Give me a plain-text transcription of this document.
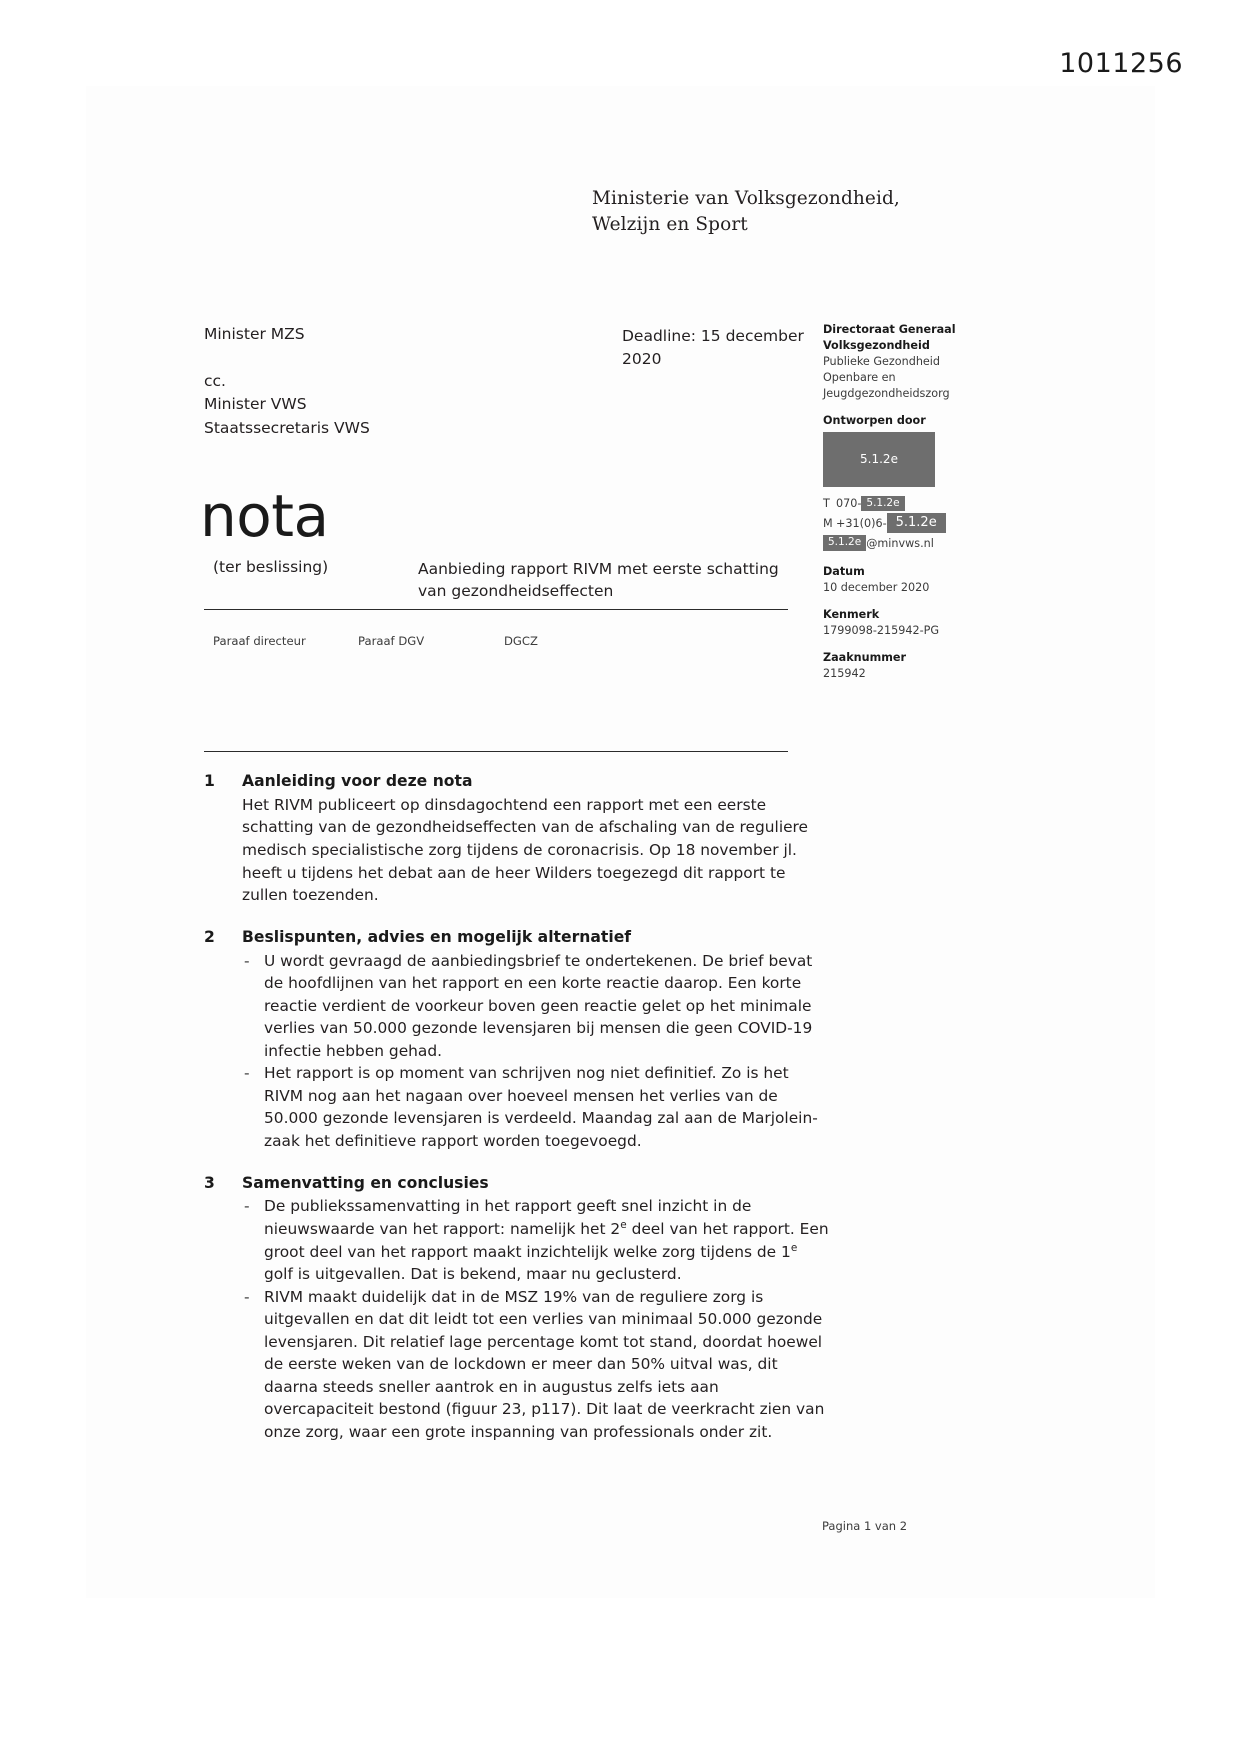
1011256
Ministerie van Volksgezondheid,
Welzijn en Sport
Minister MZS
cc.
Minister VWS
Staatssecretaris VWS
Deadline: 15 december 2020
Directoraat Generaal
Volksgezondheid
Publieke Gezondheid
Openbare en
Jeugdgezondheidszorg
Ontworpen door
5.1.2e
T 070- 5.1.2e
M +31(0)6- 5.1.2e
5.1.2e @minvws.nl
Datum
10 december 2020
Kenmerk
1799098-215942-PG
Zaaknummer
215942
nota
(ter beslissing)	Aanbieding rapport RIVM met eerste schatting van gezondheidseffecten
Paraaf directeur	Paraaf DGV	DGCZ
1 Aanleiding voor deze nota

Het RIVM publiceert op dinsdagochtend een rapport met een eerste schatting van de gezondheidseffecten van de afschaling van de reguliere medisch specialistische zorg tijdens de coronacrisis. Op 18 november jl. heeft u tijdens het debat aan de heer Wilders toegezegd dit rapport te zullen toezenden.

2 Beslispunten, advies en mogelijk alternatief
- U wordt gevraagd de aanbiedingsbrief te ondertekenen. De brief bevat de hoofdlijnen van het rapport en een korte reactie daarop. Een korte reactie verdient de voorkeur boven geen reactie gelet op het minimale verlies van 50.000 gezonde levensjaren bij mensen die geen COVID-19 infectie hebben gehad.
- Het rapport is op moment van schrijven nog niet definitief. Zo is het RIVM nog aan het nagaan over hoeveel mensen het verlies van de 50.000 gezonde levensjaren is verdeeld. Maandag zal aan de Marjolein-zaak het definitieve rapport worden toegevoegd.
3 Samenvatting en conclusies
- De publiekssamenvatting in het rapport geeft snel inzicht in de nieuwswaarde van het rapport: namelijk het 2e deel van het rapport. Een groot deel van het rapport maakt inzichtelijk welke zorg tijdens de 1e golf is uitgevallen. Dat is bekend, maar nu geclusterd.
- RIVM maakt duidelijk dat in de MSZ 19% van de reguliere zorg is uitgevallen en dat dit leidt tot een verlies van minimaal 50.000 gezonde levensjaren. Dit relatief lage percentage komt tot stand, doordat hoewel de eerste weken van de lockdown er meer dan 50% uitval was, dit daarna steeds sneller aantrok en in augustus zelfs iets aan overcapaciteit bestond (figuur 23, p117). Dit laat de veerkracht zien van onze zorg, waar een grote inspanning van professionals onder zit.
Pagina 1 van 2
